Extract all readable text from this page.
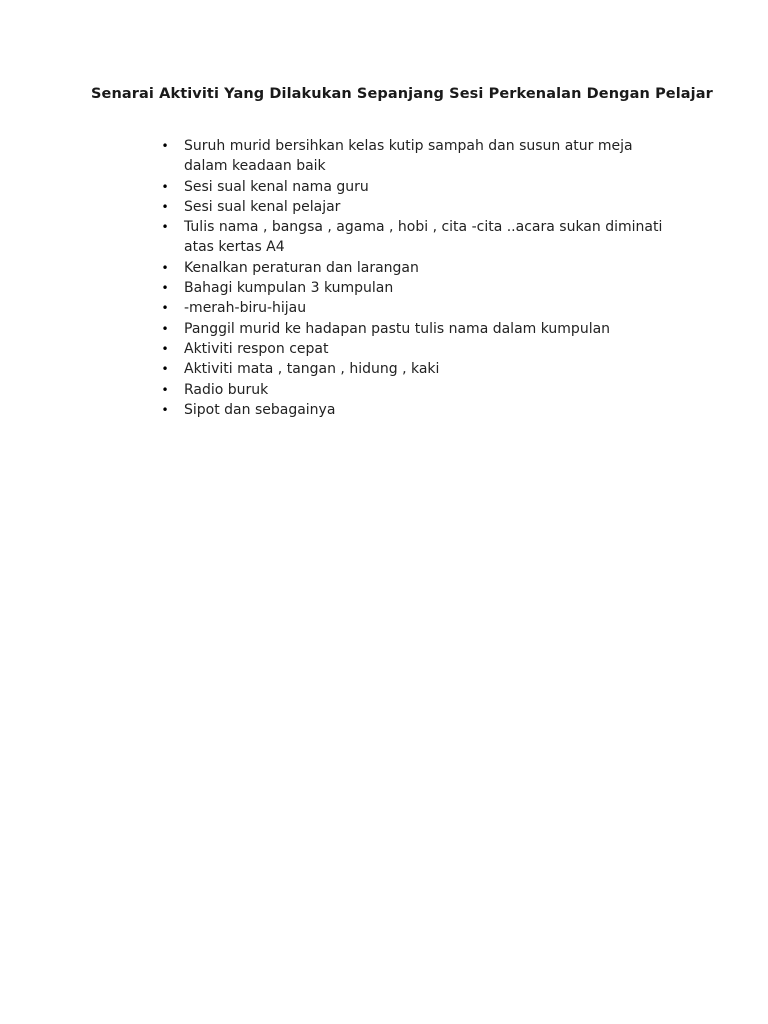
Senarai Aktiviti Yang Dilakukan Sepanjang Sesi Perkenalan Dengan Pelajar
• Suruh murid bersihkan kelas kutip sampah dan susun atur meja dalam keadaan baik
• Sesi sual kenal nama guru
• Sesi sual kenal pelajar
• Tulis nama , bangsa , agama , hobi , cita -cita ..acara sukan diminati atas kertas A4
• Kenalkan peraturan dan larangan
• Bahagi kumpulan 3 kumpulan
• -merah-biru-hijau
• Panggil murid ke hadapan pastu tulis nama dalam kumpulan
• Aktiviti respon cepat
• Aktiviti mata , tangan , hidung , kaki
• Radio buruk
• Sipot dan sebagainya
